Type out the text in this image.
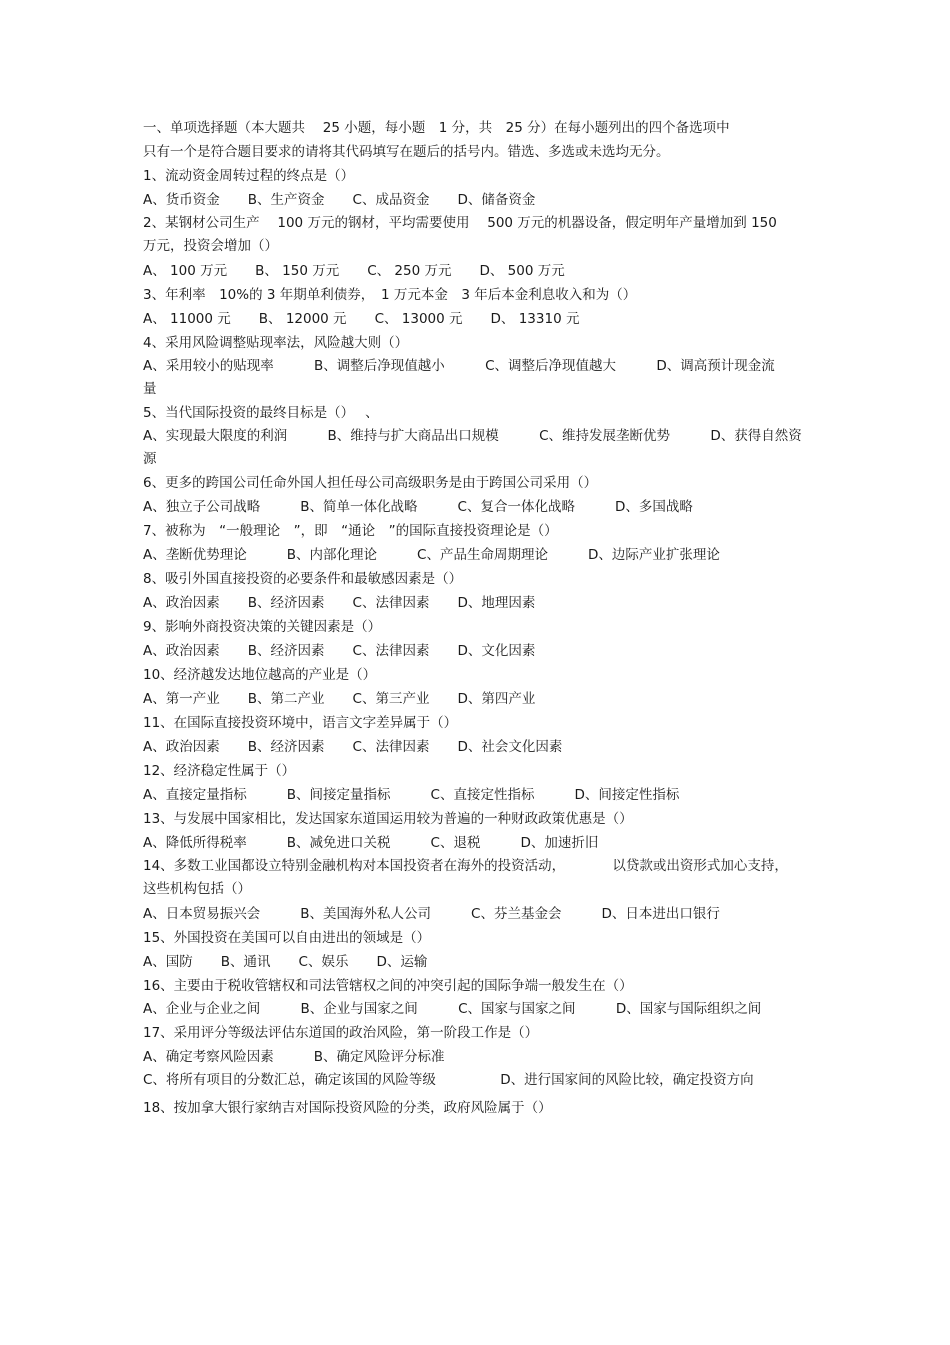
一、单项选择题（本大题共　 25 小题，每小题　1 分，共　25 分）在每小题列出的四个备选项中
只有一个是符合题目要求的请将其代码填写在题后的括号内。错选、多选或未选均无分。
1、流动资金周转过程的终点是（）
A、货币资金 B、生产资金 C、成品资金 D、储备资金
2、某钢材公司生产　 100 万元的钢材，平均需要使用　 500 万元的机器设备，假定明年产量增加到 150 万元，投资会增加（）
A、 100 万元 B、 150 万元 C、 250 万元 D、 500 万元
3、年利率　10%的 3 年期单利债券，　1 万元本金　3 年后本金利息收入和为（）
A、 11000 元 B、 12000 元 C、 13000 元 D、 13310 元
4、采用风险调整贴现率法，风险越大则（）
A、采用较小的贴现率	B、调整后净现值越小	C、调整后净现值越大	D、调高预计现金流量
5、当代国际投资的最终目标是（）　 、
A、实现最大限度的利润	B、维持与扩大商品出口规模	C、维持发展垄断优势	D、获得自然资源
6、更多的跨国公司任命外国人担任母公司高级职务是由于跨国公司采用（）
A、独立子公司战略	B、简单一体化战略	C、复合一体化战略	D、多国战略
7、被称为　“一般理论　”，即　“通论　”的国际直接投资理论是（）
A、垄断优势理论	B、内部化理论	C、产品生命周期理论	D、边际产业扩张理论
8、吸引外国直接投资的必要条件和最敏感因素是（）
A、政治因素 B、经济因素 C、法律因素 D、地理因素
9、影响外商投资决策的关键因素是（）
A、政治因素 B、经济因素 C、法律因素 D、文化因素
10、经济越发达地位越高的产业是（）
A、第一产业 B、第二产业 C、第三产业 D、第四产业
11、在国际直接投资环境中，语言文字差异属于（）
A、政治因素 B、经济因素 C、法律因素 D、社会文化因素
12、经济稳定性属于（）
A、直接定量指标	B、间接定量指标	C、直接定性指标	D、间接定性指标
13、与发展中国家相比，发达国家东道国运用较为普遍的一种财政政策优惠是（）
A、降低所得税率	B、减免进口关税	C、退税	D、加速折旧
14、多数工业国都设立特别金融机构对本国投资者在海外的投资活动，　　　　以贷款或出资形式加心支持，这些机构包括（）
A、日本贸易振兴会	B、美国海外私人公司	C、芬兰基金会	D、日本进出口银行
15、外国投资在美国可以自由进出的领域是（）
A、国防 B、通讯 C、娱乐 D、运输
16、主要由于税收管辖权和司法管辖权之间的冲突引起的国际争端一般发生在（）
A、企业与企业之间	B、企业与国家之间	C、国家与国家之间	D、国家与国际组织之间
17、采用评分等级法评估东道国的政治风险，第一阶段工作是（）
A、确定考察风险因素	B、确定风险评分标准
C、将所有项目的分数汇总，确定该国的风险等级	D、进行国家间的风险比较，确定投资方向
18、按加拿大银行家纳吉对国际投资风险的分类，政府风险属于（）
